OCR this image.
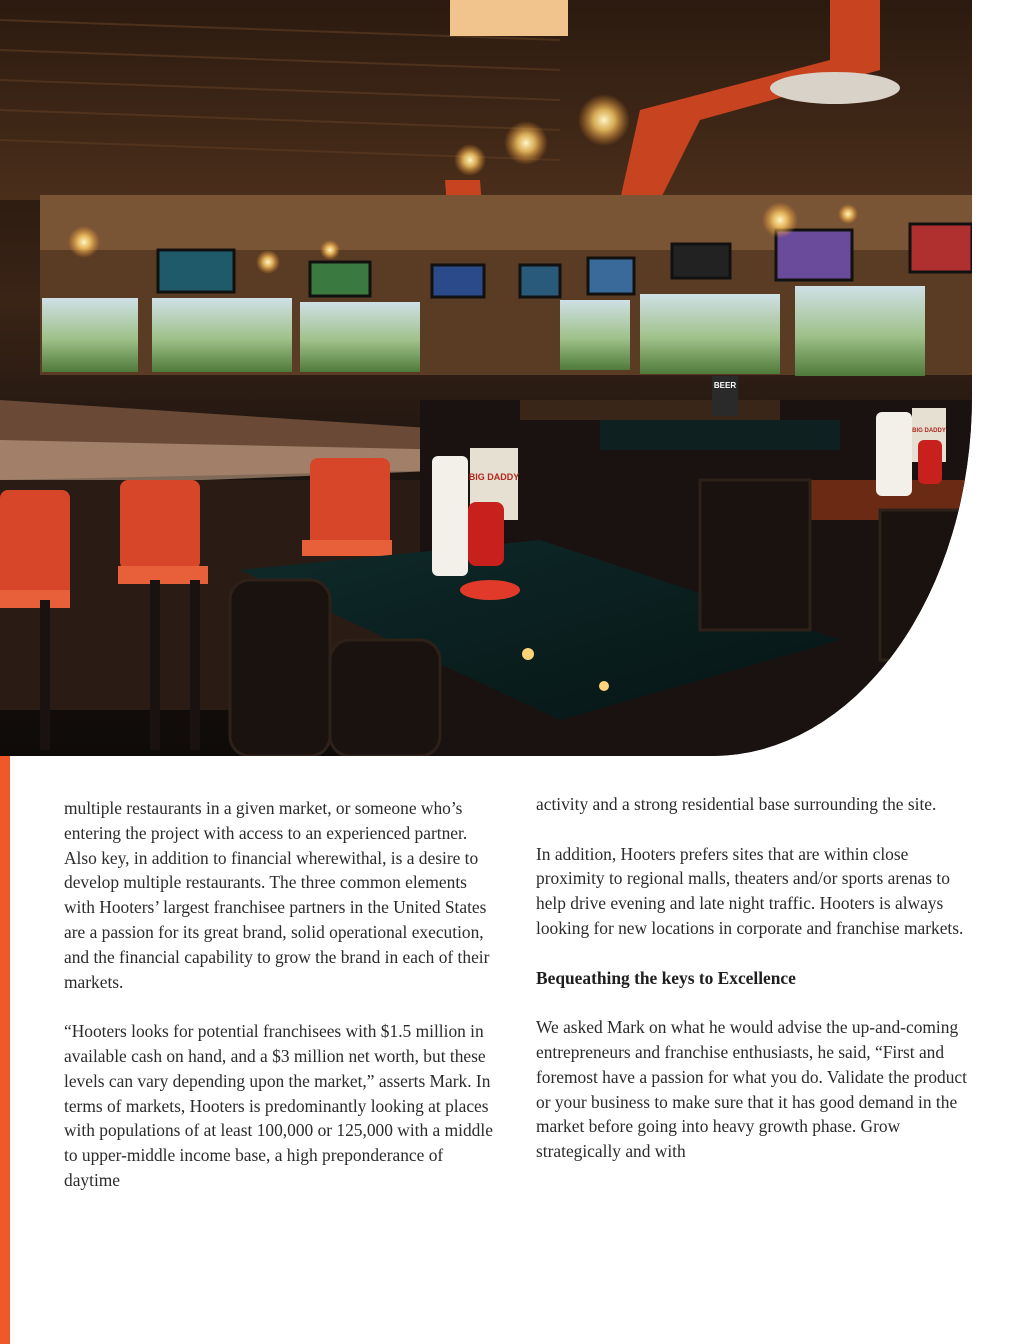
BIG DADDY
BIG DADDY
BEER

multiple restaurants in a given market, or someone who’s entering the project with access to an experienced partner. Also key, in addition to financial wherewithal, is a desire to develop multiple restaurants. The three common elements with Hooters’ largest franchisee partners in the United States are a passion for its great brand, solid operational execution, and the financial capability to grow the brand in each of their markets.

“Hooters looks for potential franchisees with $1.5 million in available cash on hand, and a $3 million net worth, but these levels can vary depending upon the market,” asserts Mark. In terms of markets, Hooters is predominantly looking at places with populations of at least 100,000 or 125,000 with a middle to upper-middle income base, a high preponderance of daytime

activity and a strong residential base surrounding the site.

In addition, Hooters prefers sites that are within close proximity to regional malls, theaters and/or sports arenas to help drive evening and late night traffic. Hooters is always looking for new locations in corporate and franchise markets.

Bequeathing the keys to Excellence

We asked Mark on what he would advise the up-and-coming entrepreneurs and franchise enthusiasts, he said, “First and foremost have a passion for what you do. Validate the product or your business to make sure that it has good demand in the market before going into heavy growth phase. Grow strategically and with
